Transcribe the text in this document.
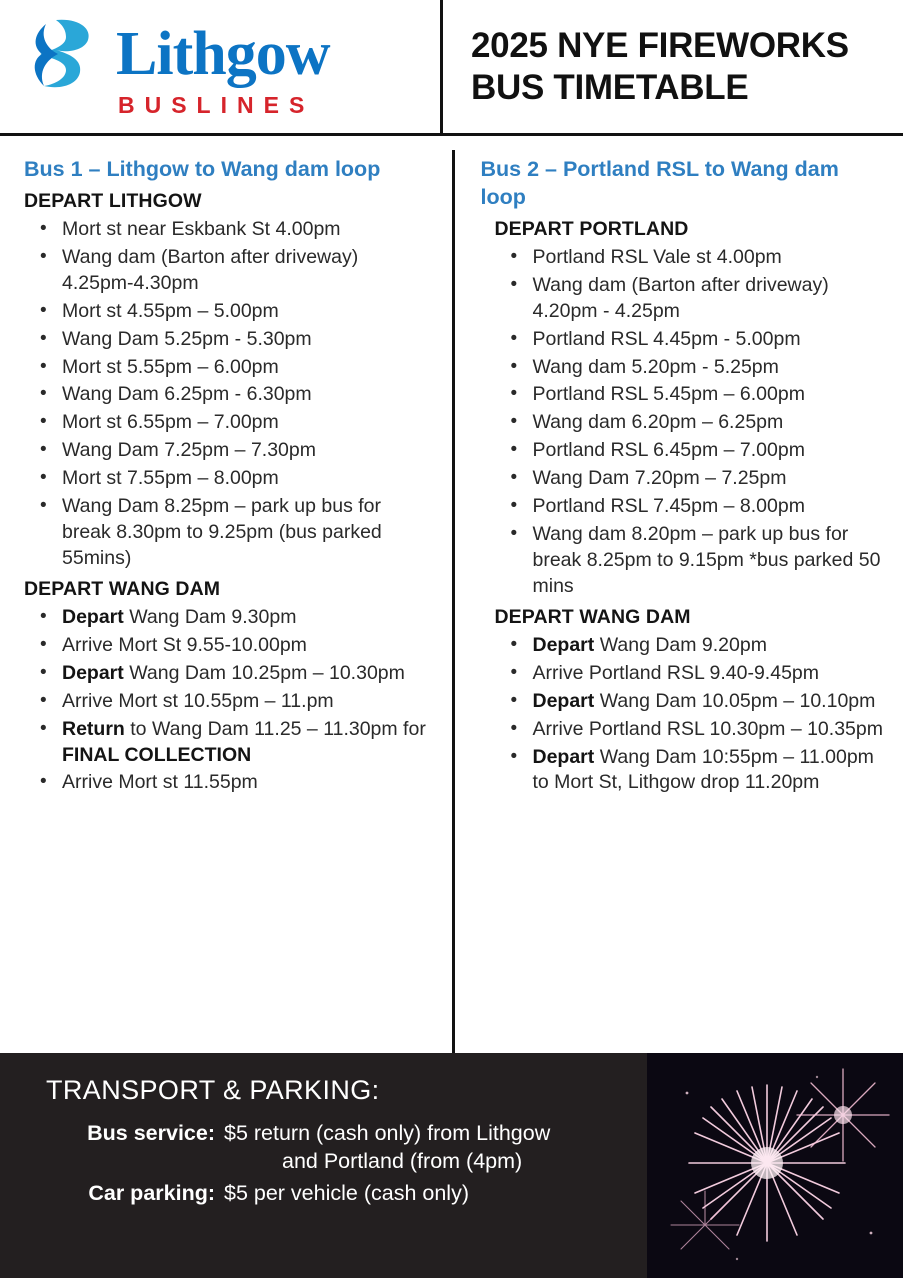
Lithgow
BUSLINES
2025 NYE FIREWORKS
BUS TIMETABLE
Bus 1 – Lithgow to Wang dam loop
DEPART LITHGOW
• Mort st near Eskbank St 4.00pm
• Wang dam (Barton after driveway) 4.25pm-4.30pm
• Mort st 4.55pm – 5.00pm
• Wang Dam 5.25pm - 5.30pm
• Mort st 5.55pm – 6.00pm
• Wang Dam 6.25pm - 6.30pm
• Mort st 6.55pm – 7.00pm
• Wang Dam 7.25pm – 7.30pm
• Mort st 7.55pm – 8.00pm
• Wang Dam 8.25pm – park up bus for break 8.30pm to 9.25pm (bus parked 55mins)
DEPART WANG DAM
• Depart Wang Dam 9.30pm
• Arrive Mort St 9.55-10.00pm
• Depart Wang Dam 10.25pm – 10.30pm
• Arrive Mort st 10.55pm – 11.pm
• Return to Wang Dam 11.25 – 11.30pm for FINAL COLLECTION
• Arrive Mort st 11.55pm
Bus 2 – Portland RSL to Wang dam loop
DEPART PORTLAND
• Portland RSL Vale st 4.00pm
• Wang dam (Barton after driveway) 4.20pm - 4.25pm
• Portland RSL 4.45pm - 5.00pm
• Wang dam 5.20pm - 5.25pm
• Portland RSL 5.45pm – 6.00pm
• Wang dam 6.20pm – 6.25pm
• Portland RSL 6.45pm – 7.00pm
• Wang Dam 7.20pm – 7.25pm
• Portland RSL 7.45pm – 8.00pm
• Wang dam 8.20pm – park up bus for break 8.25pm to 9.15pm *bus parked 50 mins
DEPART WANG DAM
• Depart Wang Dam 9.20pm
• Arrive Portland RSL 9.40-9.45pm
• Depart Wang Dam 10.05pm – 10.10pm
• Arrive Portland RSL 10.30pm – 10.35pm
• Depart Wang Dam 10:55pm – 11.00pm to Mort St, Lithgow drop 11.20pm
TRANSPORT & PARKING:
Bus service: $5 return (cash only) from Lithgow
and Portland (from (4pm)
Car parking: $5 per vehicle (cash only)
